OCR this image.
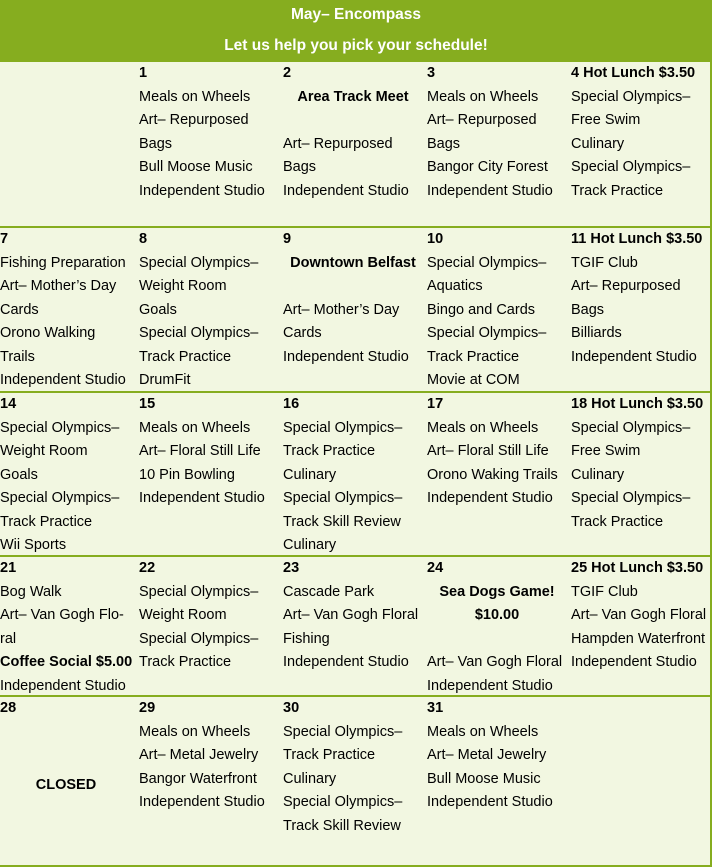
May– Encompass
Let us help you pick your schedule!
1
Meals on Wheels
Art– Repurposed
Bags
Bull Moose Music
Independent Studio
2
Area Track Meet
Art– Repurposed
Bags
Independent Studio
3
Meals on Wheels
Art– Repurposed
Bags
Bangor City Forest
Independent Studio
4 Hot Lunch $3.50
Special Olympics–
Free Swim
Culinary
Special Olympics–
Track Practice
7
Fishing Preparation
Art– Mother’s Day
Cards
Orono Walking
Trails
Independent Studio
8
Special Olympics–
Weight Room
Goals
Special Olympics–
Track Practice
DrumFit
9
Downtown Belfast
Art– Mother’s Day
Cards
Independent Studio
10
Special Olympics–
Aquatics
Bingo and Cards
Special Olympics–
Track Practice
Movie at COM
11 Hot Lunch $3.50
TGIF Club
Art– Repurposed
Bags
Billiards
Independent Studio
14
Special Olympics–
Weight Room
Goals
Special Olympics–
Track Practice
Wii Sports
15
Meals on Wheels
Art– Floral Still Life
10 Pin Bowling
Independent Studio
16
Special Olympics–
Track Practice
Culinary
Special Olympics–
Track Skill Review
Culinary
17
Meals on Wheels
Art– Floral Still Life
Orono Waking Trails
Independent Studio
18 Hot Lunch $3.50
Special Olympics–
Free Swim
Culinary
Special Olympics–
Track Practice
21
Bog Walk
Art– Van Gogh Flo-
ral
Coffee Social $5.00
Independent Studio
22
Special Olympics–
Weight Room
Special Olympics–
Track Practice
23
Cascade Park
Art– Van Gogh Floral
Fishing
Independent Studio
24
Sea Dogs Game!
$10.00
Art– Van Gogh Floral
Independent Studio
25 Hot Lunch $3.50
TGIF Club
Art– Van Gogh Floral
Hampden Waterfront
Independent Studio
28
CLOSED
29
Meals on Wheels
Art– Metal Jewelry
Bangor Waterfront
Independent Studio
30
Special Olympics–
Track Practice
Culinary
Special Olympics–
Track Skill Review
31
Meals on Wheels
Art– Metal Jewelry
Bull Moose Music
Independent Studio
